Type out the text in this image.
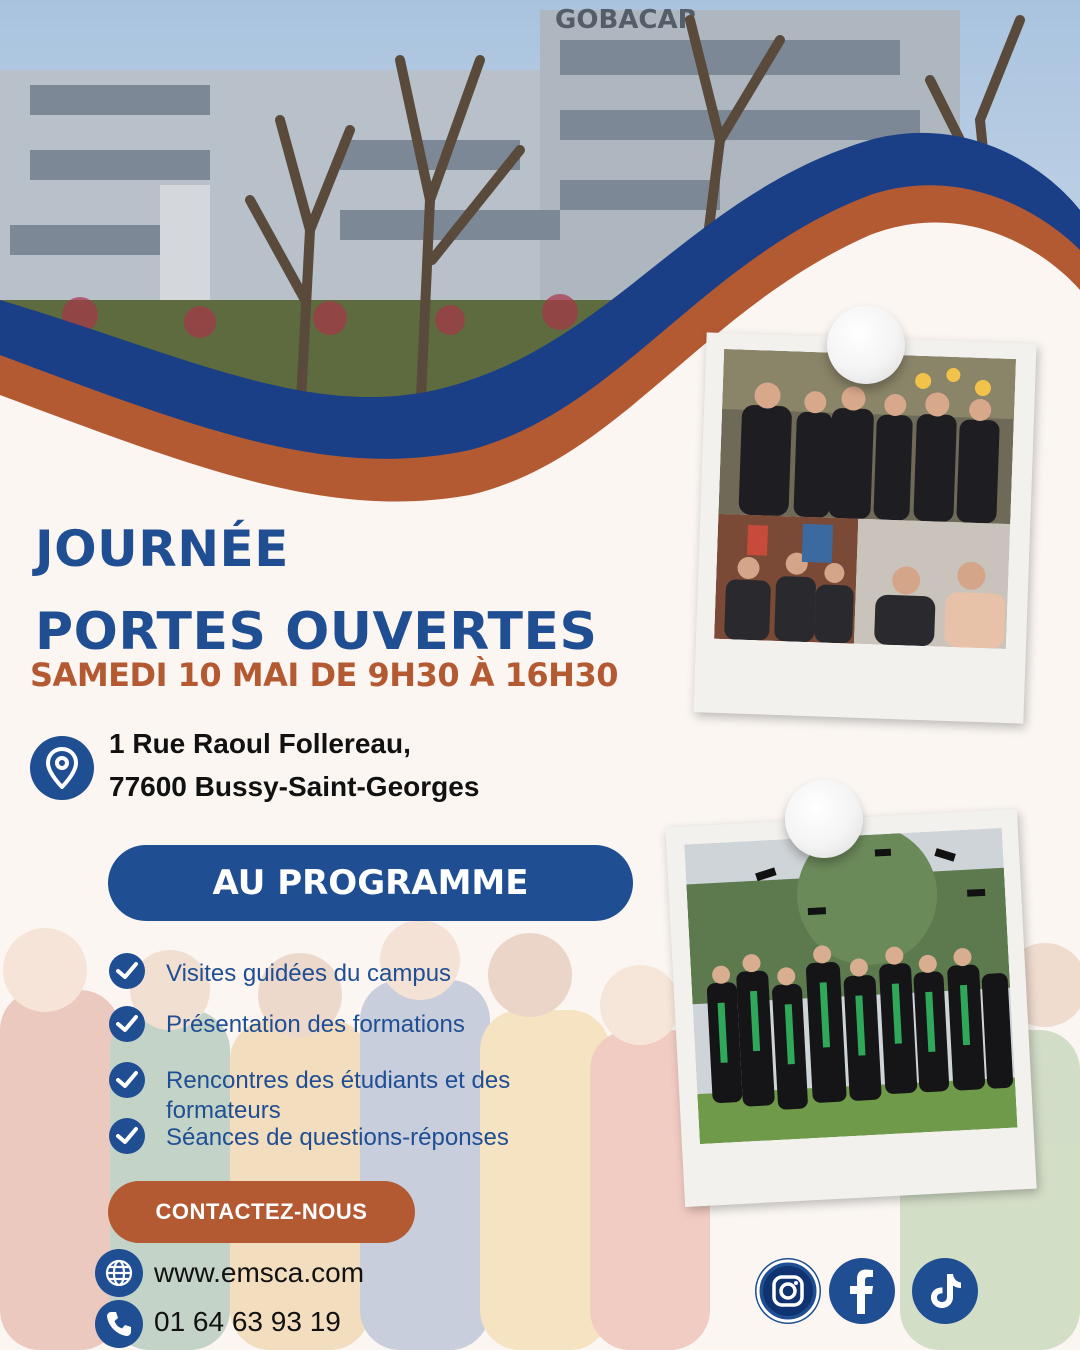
GOBACAR
JOURNÉE
PORTES OUVERTES
SAMEDI 10 MAI DE 9H30 À 16H30
1 Rue Raoul Follereau,
77600 Bussy-Saint-Georges
AU PROGRAMME
Visites guidées du campus
Présentation des formations
Rencontres des étudiants et des formateurs
Séances de questions-réponses
CONTACTEZ-NOUS
www.emsca.com
01 64 63 93 19
